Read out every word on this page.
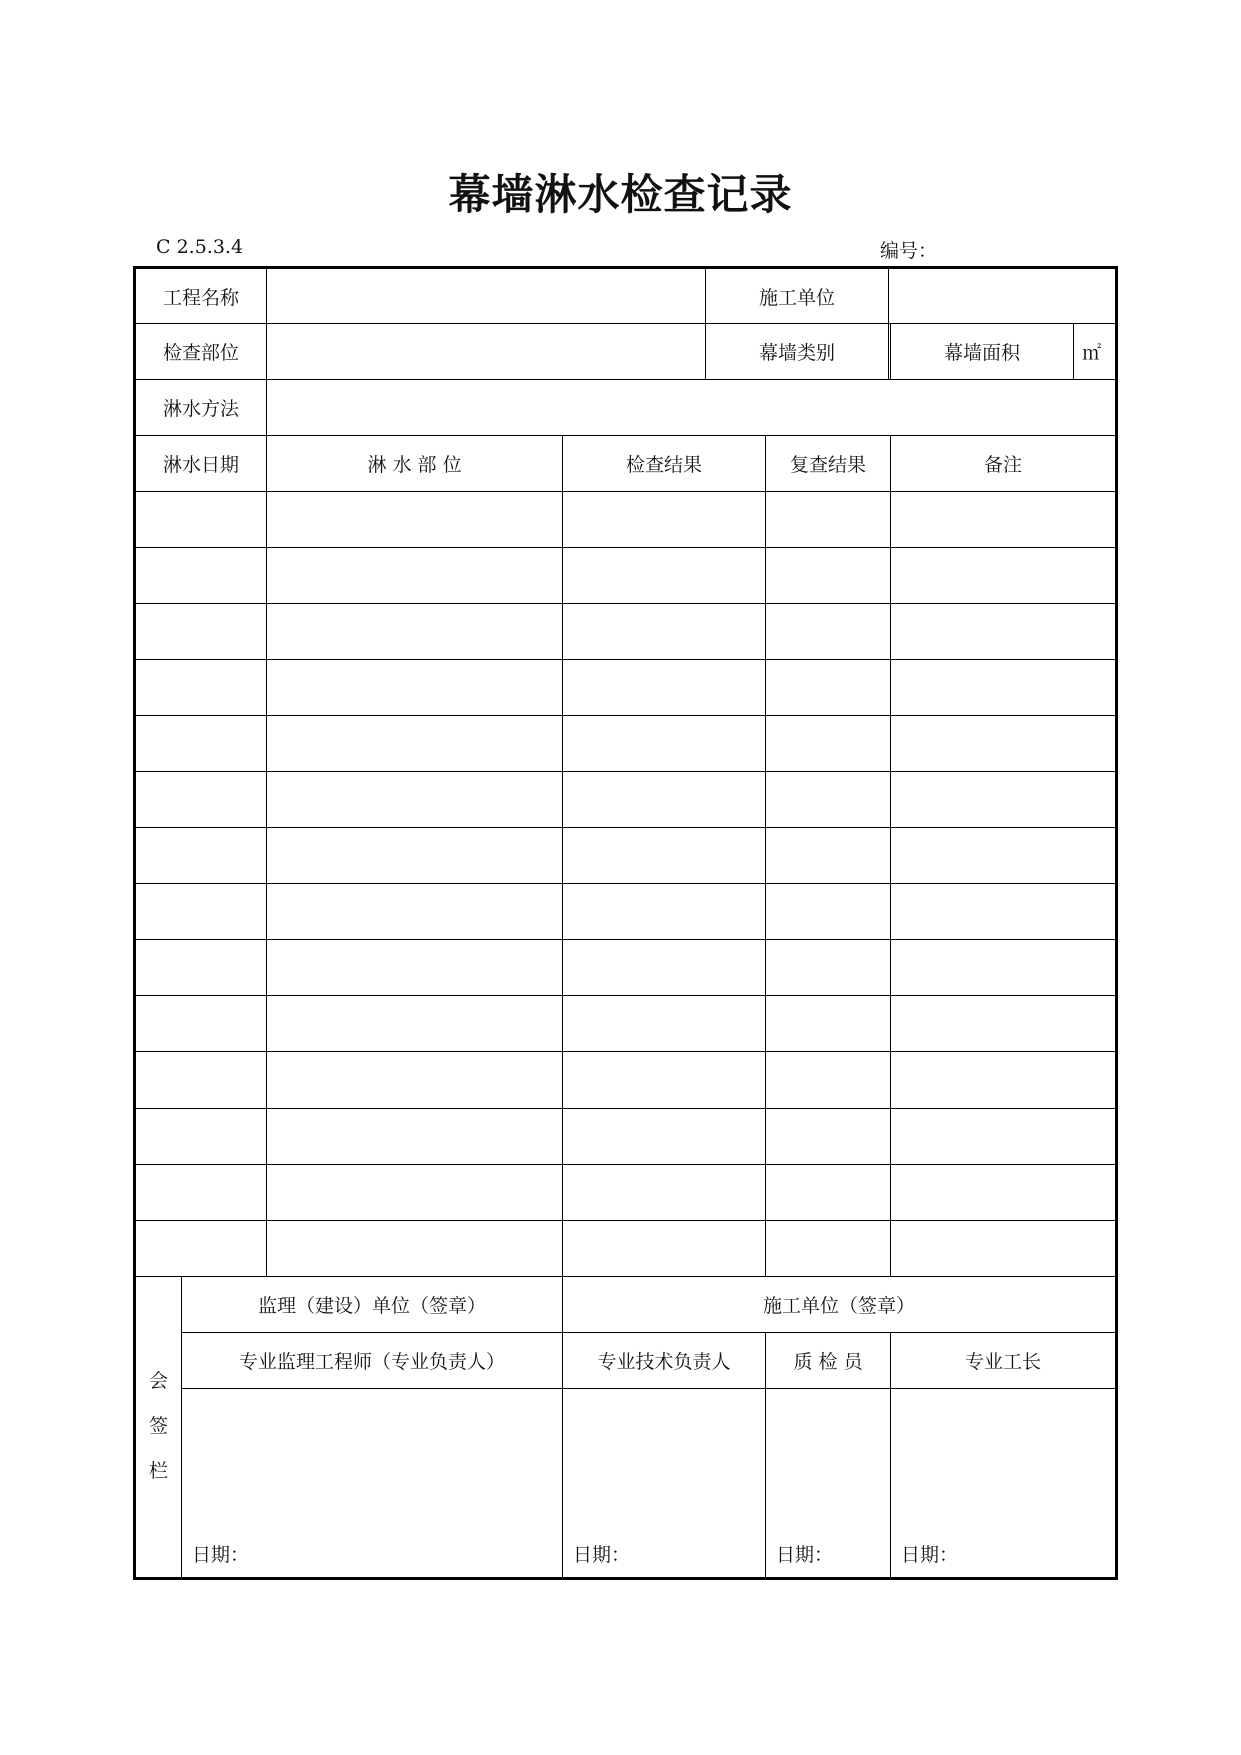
幕墙淋水检查记录
C 2.5.3.4	编号：
工程名称				施工单位				
检查部位				幕墙类别			幕墙面积	㎡
淋水方法								
淋水日期		淋 水 部 位	检查结果		复查结果		备注	

会
签
栏	监理（建设）单位（签章）		施工单位（签章）					
	专业监理工程师（专业负责人）		专业技术负责人		质 检 员		专业工长	
	日期：		日期：		日期：		日期：	
